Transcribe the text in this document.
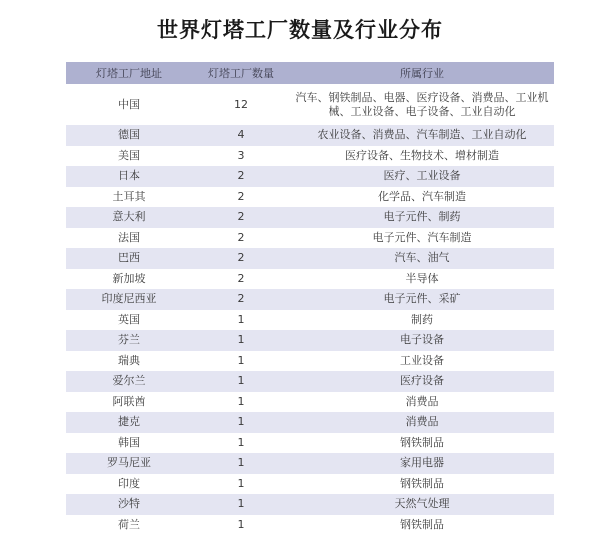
世界灯塔工厂数量及行业分布
灯塔工厂地址	灯塔工厂数量	所属行业
中国	12	汽车、钢铁制品、电器、医疗设备、消费品、工业机械、工业设备、电子设备、工业自动化
德国	4	农业设备、消费品、汽车制造、工业自动化
美国	3	医疗设备、生物技术、增材制造
日本	2	医疗、工业设备
土耳其	2	化学品、汽车制造
意大利	2	电子元件、制药
法国	2	电子元件、汽车制造
巴西	2	汽车、油气
新加坡	2	半导体
印度尼西亚	2	电子元件、采矿
英国	1	制药
芬兰	1	电子设备
瑞典	1	工业设备
爱尔兰	1	医疗设备
阿联酋	1	消费品
捷克	1	消费品
韩国	1	钢铁制品
罗马尼亚	1	家用电器
印度	1	钢铁制品
沙特	1	天然气处理
荷兰	1	钢铁制品
